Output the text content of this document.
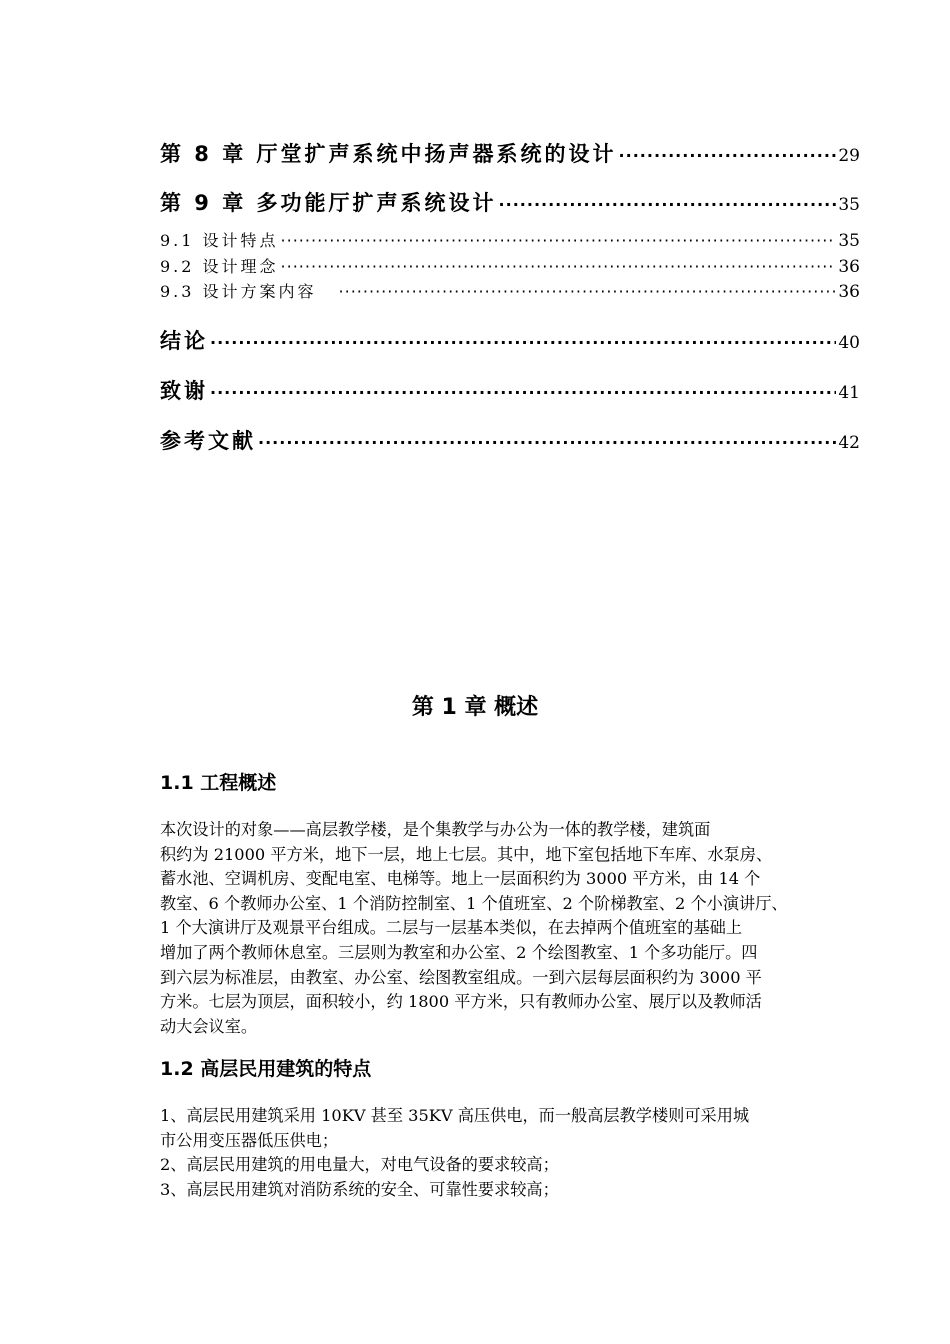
第 8 章 厅堂扩声系统中扬声器系统的设计 ·····	29
第 9 章 多功能厅扩声系统设计 ·····	35
9.1 设计特点 ·····	35
9.2 设计理念 ·····	36
9.3 设计方案内容 ·····	36
结论 ·····	40
致谢 ·····	41
参考文献 ·····	42
第 1 章 概述
1.1 工程概述
本次设计的对象——高层教学楼，是个集教学与办公为一体的教学楼，建筑面
积约为 21000 平方米，地下一层，地上七层。其中，地下室包括地下车库、水泵房、
蓄水池、空调机房、变配电室、电梯等。地上一层面积约为 3000 平方米，由 14 个
教室、6 个教师办公室、1 个消防控制室、1 个值班室、2 个阶梯教室、2 个小演讲厅、
1 个大演讲厅及观景平台组成。二层与一层基本类似，在去掉两个值班室的基础上
增加了两个教师休息室。三层则为教室和办公室、2 个绘图教室、1 个多功能厅。四
到六层为标准层，由教室、办公室、绘图教室组成。一到六层每层面积约为 3000 平
方米。七层为顶层，面积较小，约 1800 平方米，只有教师办公室、展厅以及教师活
动大会议室。
1.2 高层民用建筑的特点
1、高层民用建筑采用 10KV 甚至 35KV 高压供电，而一般高层教学楼则可采用城
市公用变压器低压供电；
2、高层民用建筑的用电量大，对电气设备的要求较高；
3、高层民用建筑对消防系统的安全、可靠性要求较高；
